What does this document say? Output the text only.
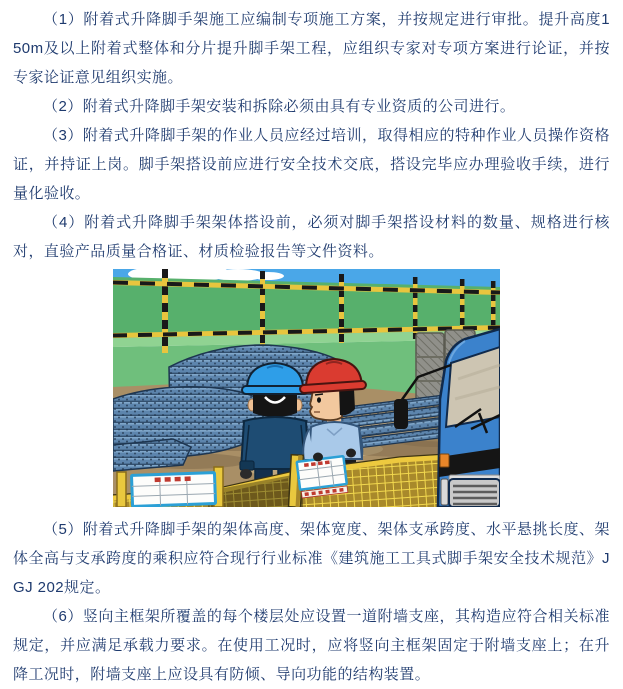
（1）附着式升降脚手架施工应编制专项施工方案，并按规定进行审批。提升高度150m及以上附着式整体和分片提升脚手架工程，应组织专家对专项方案进行论证，并按专家论证意见组织实施。

（2）附着式升降脚手架安装和拆除必须由具有专业资质的公司进行。

（3）附着式升降脚手架的作业人员应经过培训，取得相应的特种作业人员操作资格证，并持证上岗。脚手架搭设前应进行安全技术交底，搭设完毕应办理验收手续，进行量化验收。

（4）附着式升降脚手架架体搭设前，必须对脚手架搭设材料的数量、规格进行核对，直验产品质量合格证、材质检验报告等文件资料。

（5）附着式升降脚手架的架体高度、架体宽度、架体支承跨度、水平悬挑长度、架体全高与支承跨度的乘积应符合现行行业标准《建筑施工工具式脚手架安全技术规范》JGJ 202规定。

（6）竖向主框架所覆盖的每个楼层处应设置一道附墙支座，其构造应符合相关标准规定，并应满足承载力要求。在使用工况时，应将竖向主框架固定于附墙支座上；在升降工况时，附墙支座上应设具有防倾、导向功能的结构装置。
